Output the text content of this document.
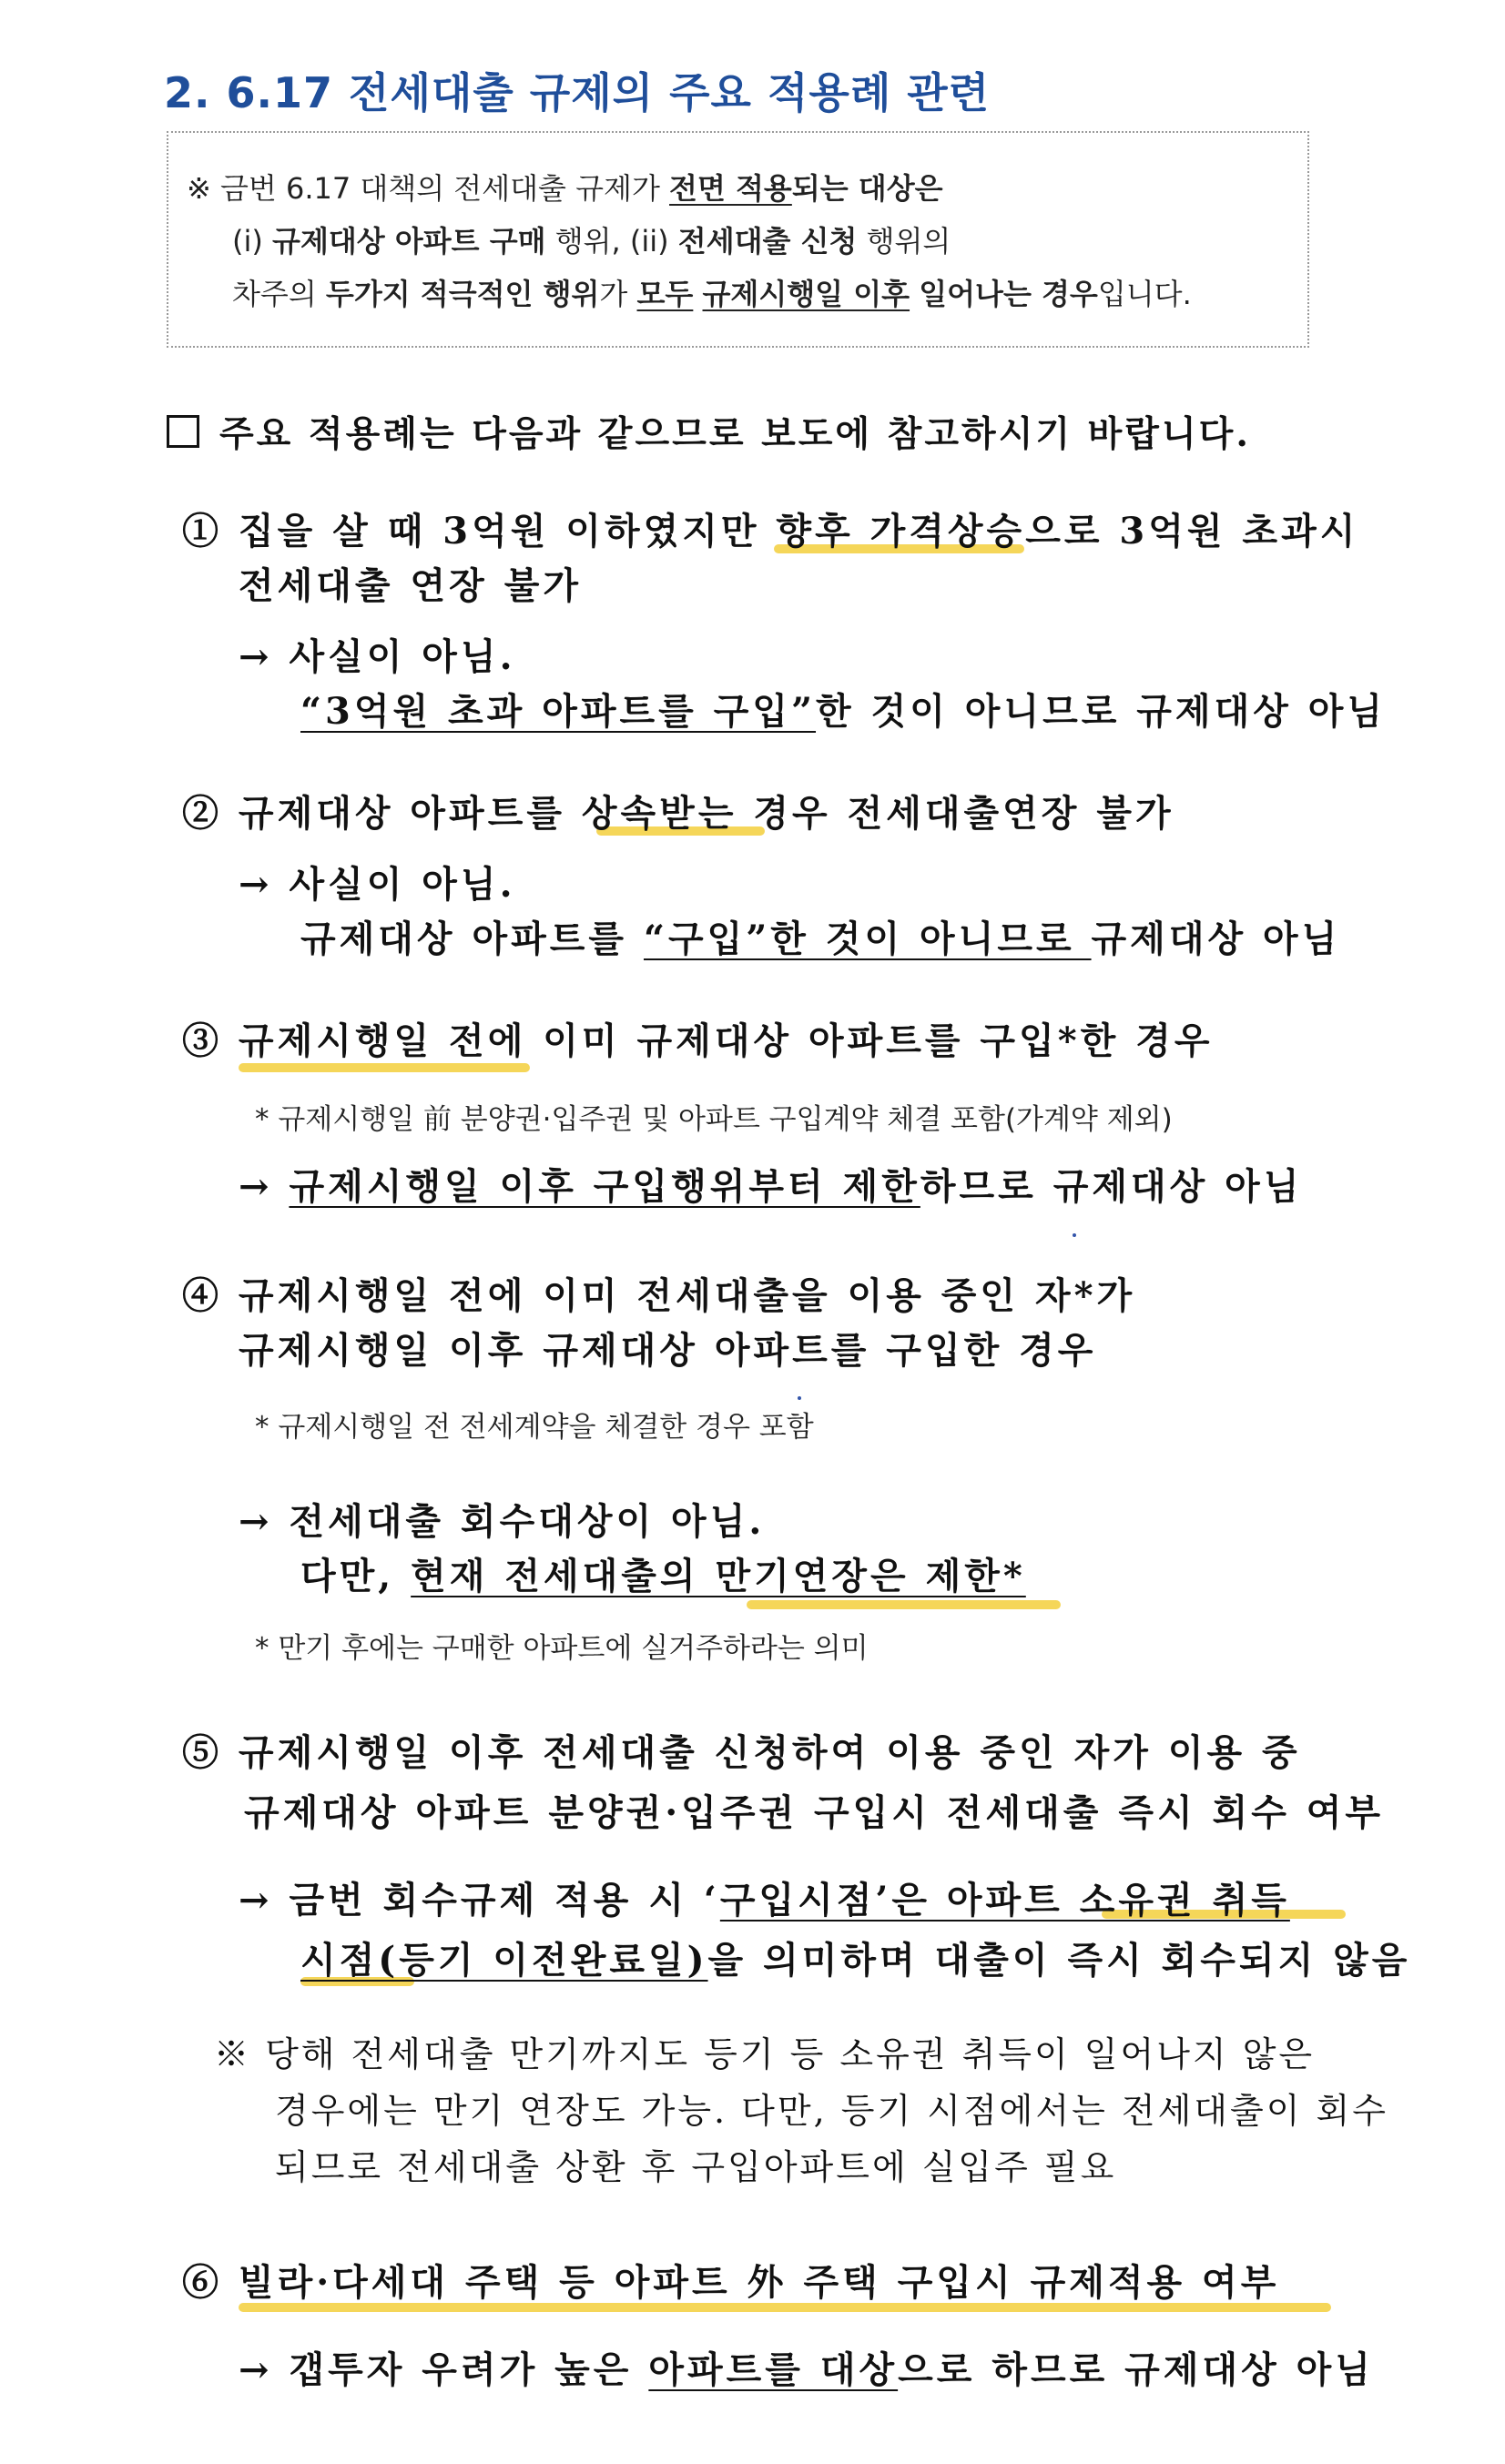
2. 6.17 전세대출 규제의 주요 적용례 관련
※ 금번 6.17 대책의 전세대출 규제가 전면 적용되는 대상은
(i) 규제대상 아파트 구매 행위, (ii) 전세대출 신청 행위의
차주의 두가지 적극적인 행위가 모두 규제시행일 이후 일어나는 경우입니다.
주요 적용례는 다음과 같으므로 보도에 참고하시기 바랍니다.
① 집을 살 때 3억원 이하였지만 향후 가격상승으로 3억원 초과시
전세대출 연장 불가
→ 사실이 아님.
“3억원 초과 아파트를 구입”한 것이 아니므로 규제대상 아님
② 규제대상 아파트를 상속받는 경우 전세대출연장 불가
→ 사실이 아님.
규제대상 아파트를 “구입”한 것이 아니므로 규제대상 아님
③ 규제시행일 전에 이미 규제대상 아파트를 구입*한 경우
* 규제시행일 前 분양권·입주권 및 아파트 구입계약 체결 포함(가계약 제외)
→ 규제시행일 이후 구입행위부터 제한하므로 규제대상 아님
④ 규제시행일 전에 이미 전세대출을 이용 중인 자*가
규제시행일 이후 규제대상 아파트를 구입한 경우
* 규제시행일 전 전세계약을 체결한 경우 포함
→ 전세대출 회수대상이 아님.
다만, 현재 전세대출의 만기연장은 제한*
* 만기 후에는 구매한 아파트에 실거주하라는 의미
⑤ 규제시행일 이후 전세대출 신청하여 이용 중인 자가 이용 중
규제대상 아파트 분양권·입주권 구입시 전세대출 즉시 회수 여부
→ 금번 회수규제 적용 시 ‘구입시점’은 아파트 소유권 취득
시점(등기 이전완료일)을 의미하며 대출이 즉시 회수되지 않음
※ 당해 전세대출 만기까지도 등기 등 소유권 취득이 일어나지 않은
경우에는 만기 연장도 가능. 다만, 등기 시점에서는 전세대출이 회수
되므로 전세대출 상환 후 구입아파트에 실입주 필요
⑥ 빌라·다세대 주택 등 아파트 外 주택 구입시 규제적용 여부
→ 갭투자 우려가 높은 아파트를 대상으로 하므로 규제대상 아님
